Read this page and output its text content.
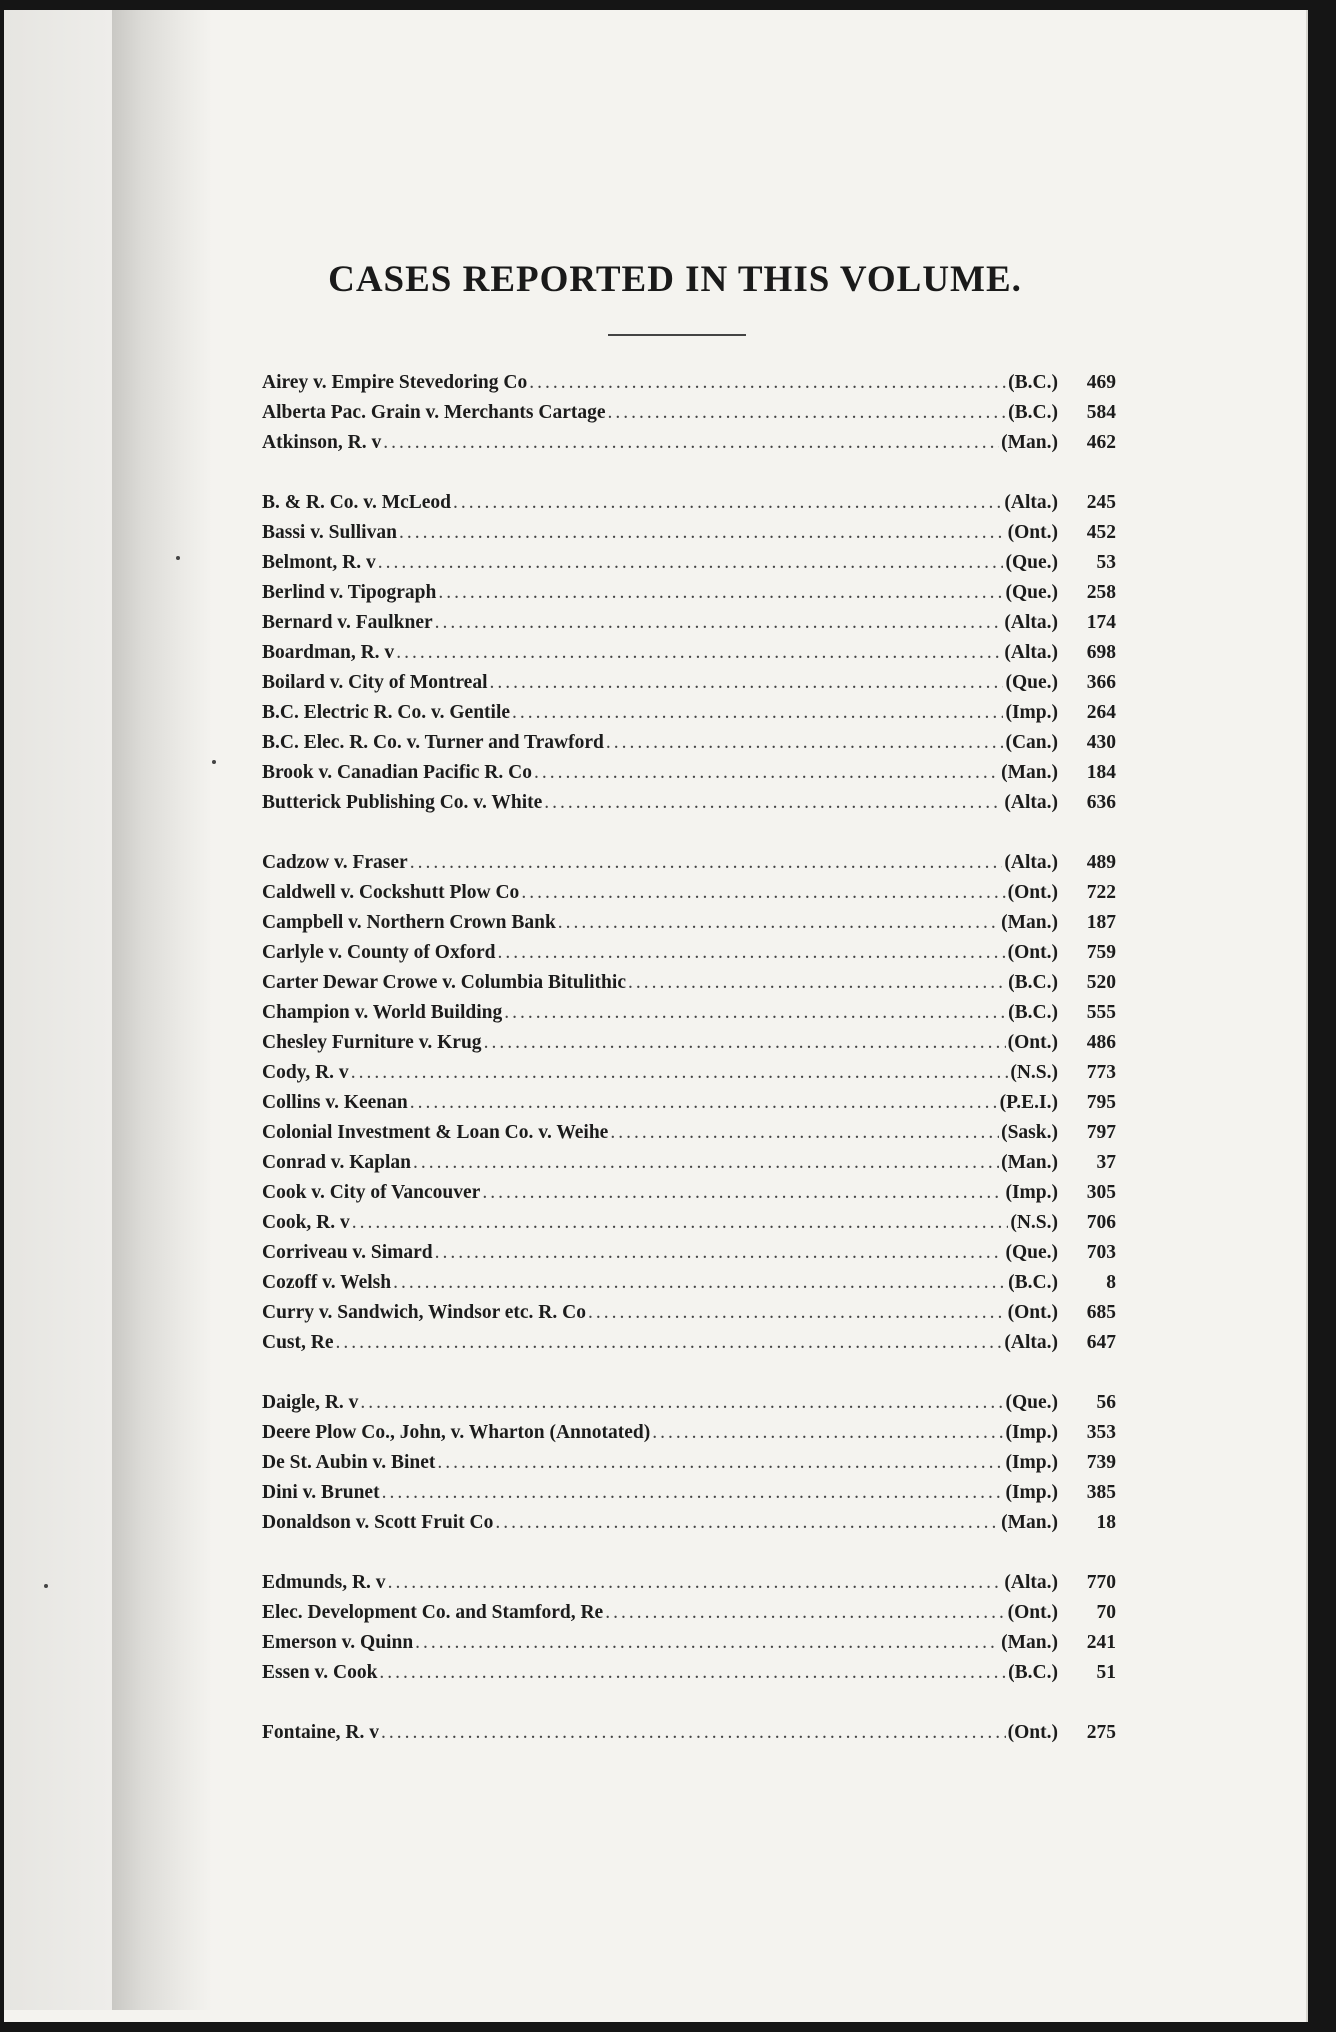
CASES REPORTED IN THIS VOLUME.
Airey v. Empire Stevedoring Co .....	(B.C.)	469
Alberta Pac. Grain v. Merchants Cartage .....	(B.C.)	584
Atkinson, R. v .....	(Man.)	462
B. & R. Co. v. McLeod .....	(Alta.)	245
Bassi v. Sullivan .....	(Ont.)	452
Belmont, R. v .....	(Que.)	53
Berlind v. Tipograph .....	(Que.)	258
Bernard v. Faulkner .....	(Alta.)	174
Boardman, R. v .....	(Alta.)	698
Boilard v. City of Montreal .....	(Que.)	366
B.C. Electric R. Co. v. Gentile .....	(Imp.)	264
B.C. Elec. R. Co. v. Turner and Trawford .....	(Can.)	430
Brook v. Canadian Pacific R. Co .....	(Man.)	184
Butterick Publishing Co. v. White .....	(Alta.)	636
Cadzow v. Fraser .....	(Alta.)	489
Caldwell v. Cockshutt Plow Co .....	(Ont.)	722
Campbell v. Northern Crown Bank .....	(Man.)	187
Carlyle v. County of Oxford .....	(Ont.)	759
Carter Dewar Crowe v. Columbia Bitulithic .....	(B.C.)	520
Champion v. World Building .....	(B.C.)	555
Chesley Furniture v. Krug .....	(Ont.)	486
Cody, R. v .....	(N.S.)	773
Collins v. Keenan .....	(P.E.I.)	795
Colonial Investment & Loan Co. v. Weihe .....	(Sask.)	797
Conrad v. Kaplan .....	(Man.)	37
Cook v. City of Vancouver .....	(Imp.)	305
Cook, R. v .....	(N.S.)	706
Corriveau v. Simard .....	(Que.)	703
Cozoff v. Welsh .....	(B.C.)	8
Curry v. Sandwich, Windsor etc. R. Co .....	(Ont.)	685
Cust, Re .....	(Alta.)	647
Daigle, R. v .....	(Que.)	56
Deere Plow Co., John, v. Wharton (Annotated) .....	(Imp.)	353
De St. Aubin v. Binet .....	(Imp.)	739
Dini v. Brunet .....	(Imp.)	385
Donaldson v. Scott Fruit Co .....	(Man.)	18
Edmunds, R. v .....	(Alta.)	770
Elec. Development Co. and Stamford, Re .....	(Ont.)	70
Emerson v. Quinn .....	(Man.)	241
Essen v. Cook .....	(B.C.)	51
Fontaine, R. v .....	(Ont.)	275
